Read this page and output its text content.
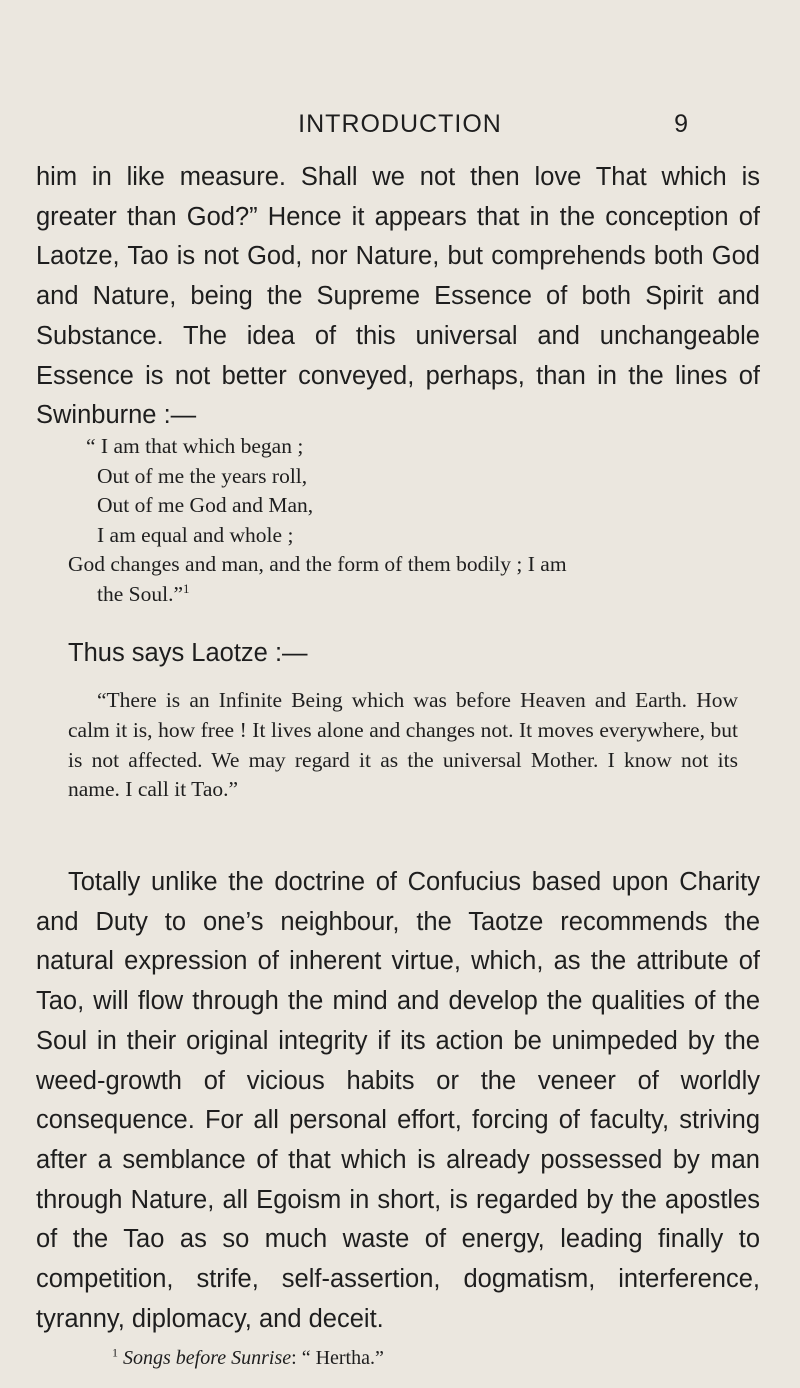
INTRODUCTION	9

him in like measure. Shall we not then love That which is greater than God?” Hence it appears that in the conception of Laotze, Tao is not God, nor Nature, but comprehends both God and Nature, being the Supreme Essence of both Spirit and Substance. The idea of this universal and unchangeable Essence is not better conveyed, perhaps, than in the lines of Swinburne :—

“ I am that which began ;
Out of me the years roll,
Out of me God and Man,
I am equal and whole ;
God changes and man, and the form of them bodily ; I am
the Soul.”$^1$

Thus says Laotze :—

“There is an Infinite Being which was before Heaven and Earth. How calm it is, how free ! It lives alone and changes not. It moves everywhere, but is not affected. We may regard it as the universal Mother. I know not its name. I call it Tao.”

Totally unlike the doctrine of Confucius based upon Charity and Duty to one’s neighbour, the Taotze recommends the natural expression of inherent virtue, which, as the attribute of Tao, will flow through the mind and develop the qualities of the Soul in their original integrity if its action be unimpeded by the weed-growth of vicious habits or the veneer of worldly consequence. For all personal effort, forcing of faculty, striving after a semblance of that which is already possessed by man through Nature, all Egoism in short, is regarded by the apostles of the Tao as so much waste of energy, leading finally to competition, strife, self-assertion, dogmatism, interference, tyranny, diplomacy, and deceit.

$^1$ Songs before Sunrise: “ Hertha.”
